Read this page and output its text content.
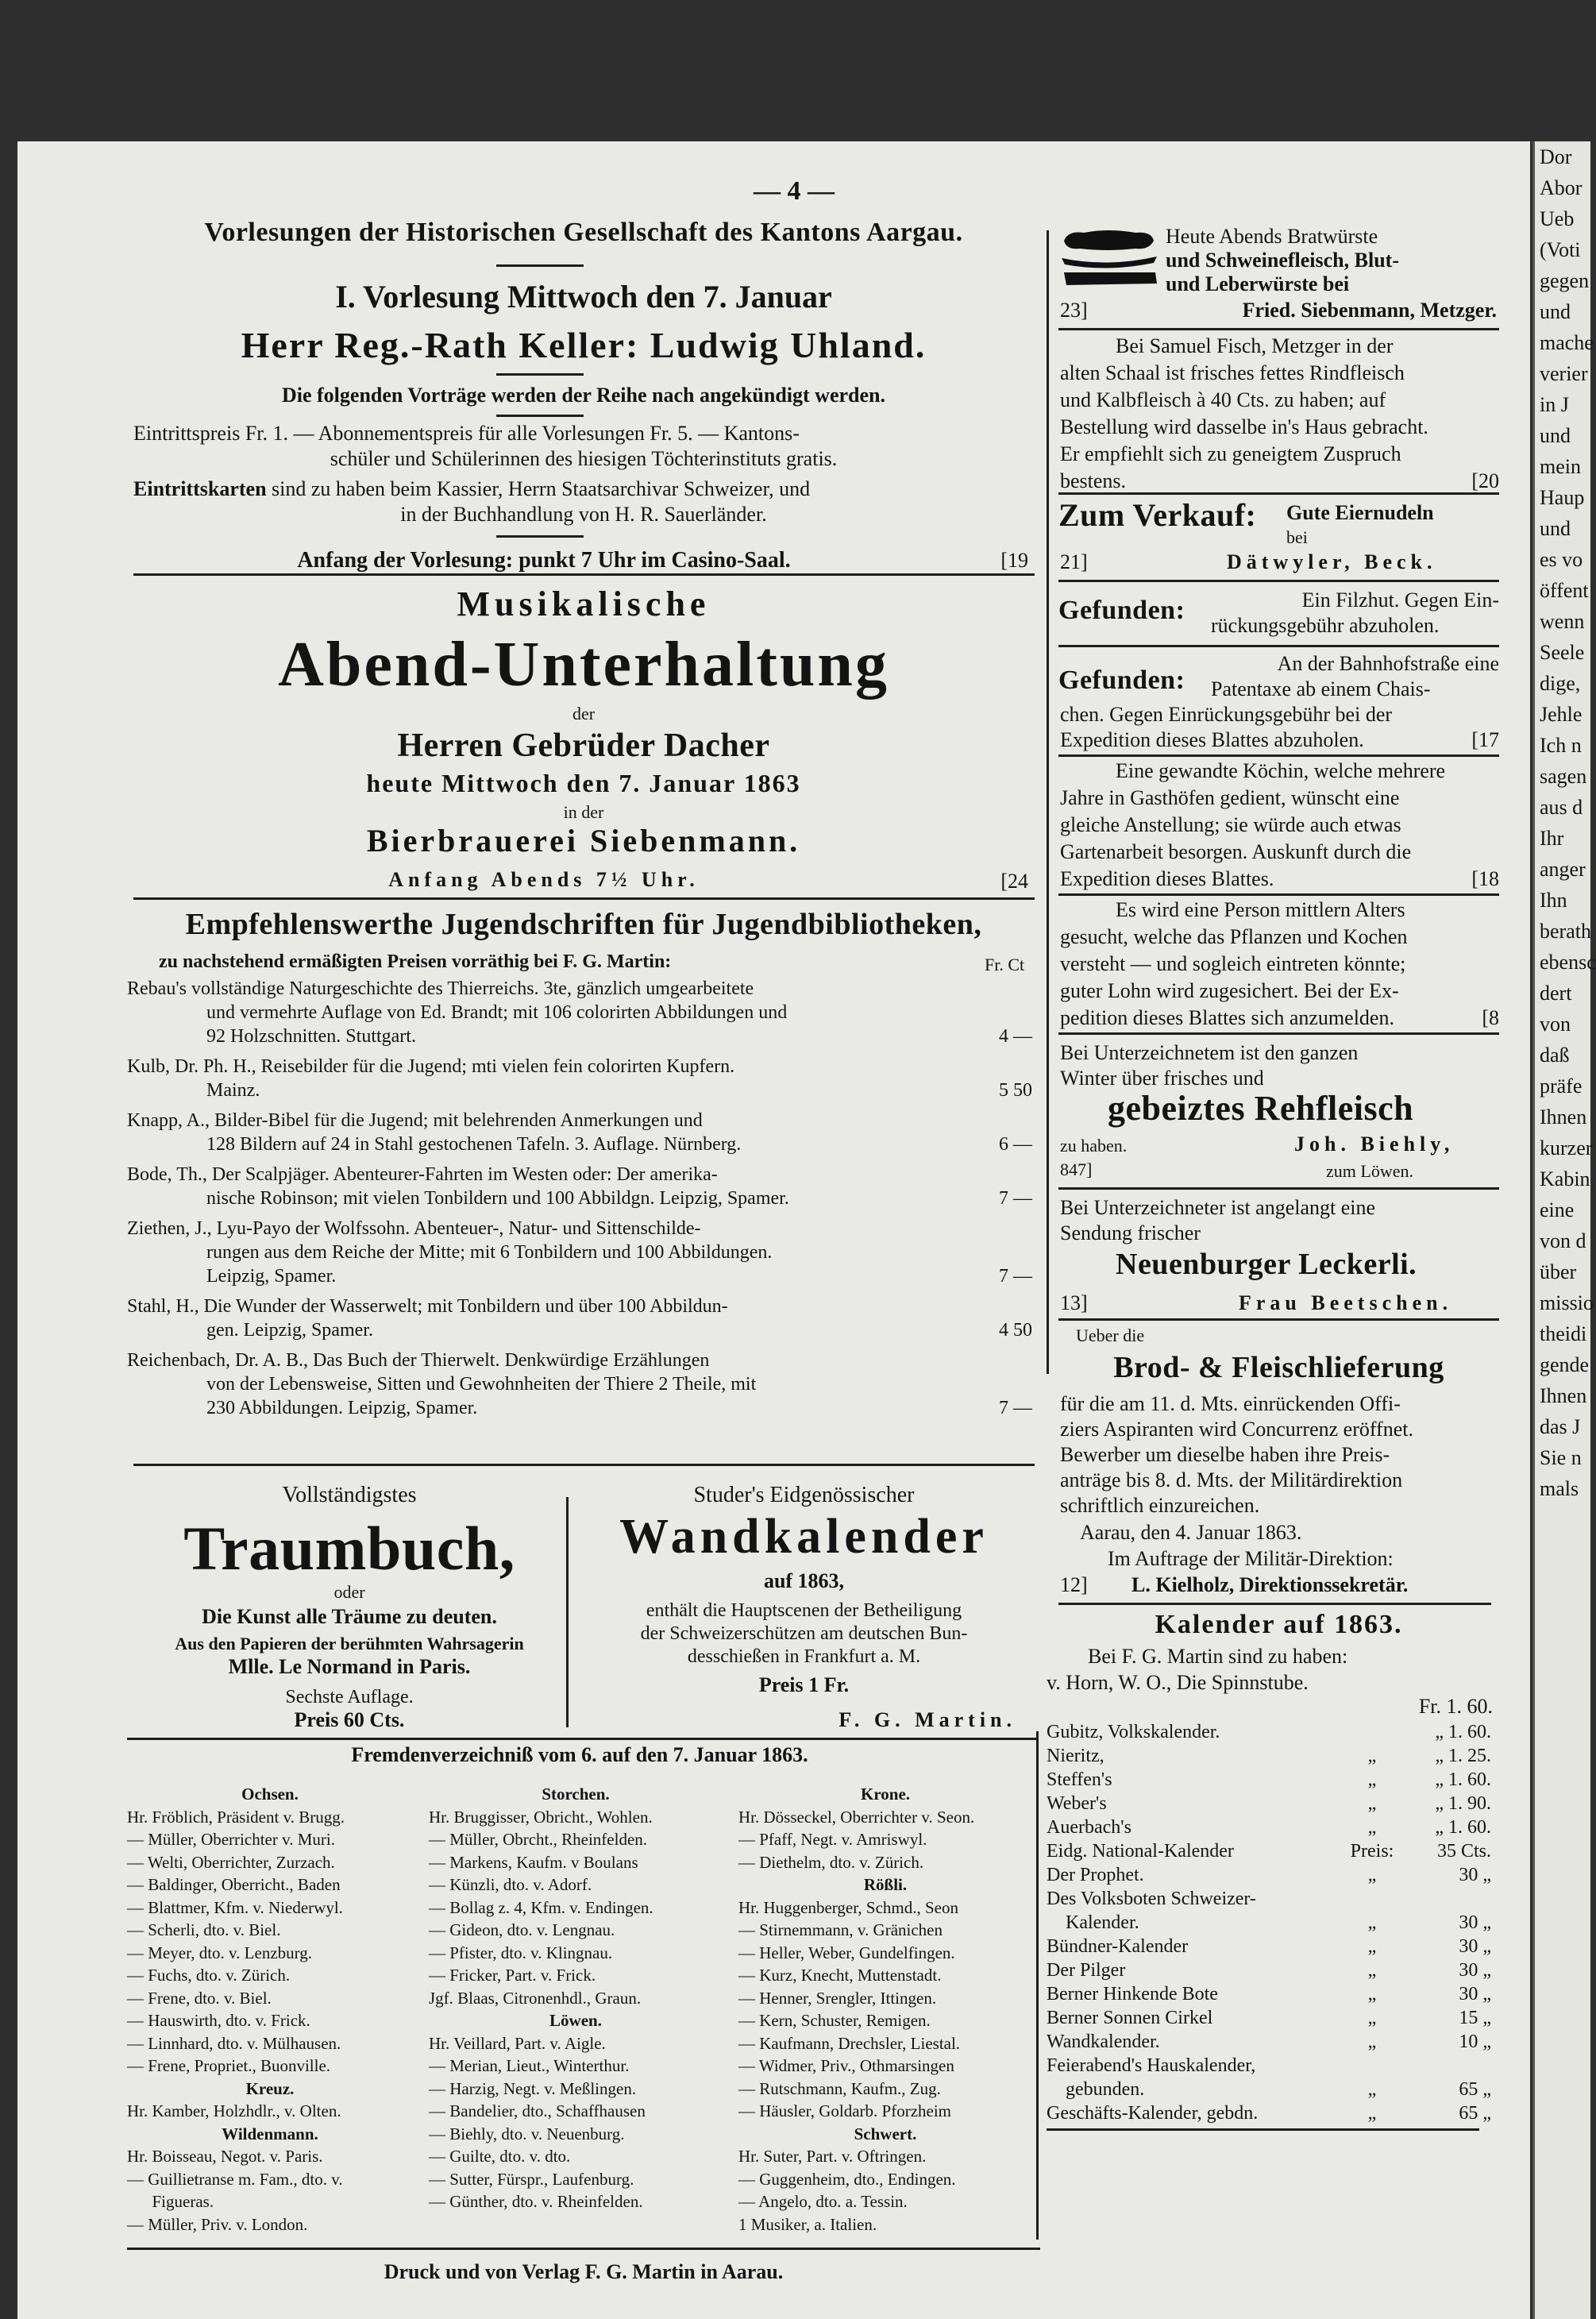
Dor
Abor
Ueb
(Voti
gegen
und
mache
verier
in J
und
mein
Haup
und
es vo
öffent
wenn
Seele
dige,
Jehle
Ich n
sagen
aus d
Ihr
anger
Ihn
berath
ebensc
dert
von
daß
präfe
Ihnen
kurzer
Kabin
eine
von d
über
missio
theidi
gende
Ihnen
das J
Sie n
mals
— 4 —
Vorlesungen der Historischen Gesellschaft des Kantons Aargau.
I. Vorlesung Mittwoch den 7. Januar
Herr Reg.-Rath Keller: Ludwig Uhland.
Die folgenden Vorträge werden der Reihe nach angekündigt werden.
Eintrittspreis Fr. 1. — Abonnementspreis für alle Vorlesungen Fr. 5. — Kantons-
schüler und Schülerinnen des hiesigen Töchterinstituts gratis.
Eintrittskarten sind zu haben beim Kassier, Herrn Staatsarchivar Schweizer, und
in der Buchhandlung von H. R. Sauerländer.
Anfang der Vorlesung: punkt 7 Uhr im Casino-Saal.	[19
Musikalische
Abend-Unterhaltung
der
Herren Gebrüder Dacher
heute Mittwoch den 7. Januar 1863
in der
Bierbrauerei Siebenmann.
Anfang Abends 7½ Uhr.	[24
Empfehlenswerthe Jugendschriften für Jugendbibliotheken,
zu nachstehend ermäßigten Preisen vorräthig bei F. G. Martin:	Fr. Ct
Rebau's vollständige Naturgeschichte des Thierreichs. 3te, gänzlich umgearbeitete
und vermehrte Auflage von Ed. Brandt; mit 106 colorirten Abbildungen und
92 Holzschnitten. Stuttgart.	4 —
Kulb, Dr. Ph. H., Reisebilder für die Jugend; mti vielen fein colorirten Kupfern.
Mainz.	5 50
Knapp, A., Bilder-Bibel für die Jugend; mit belehrenden Anmerkungen und
128 Bildern auf 24 in Stahl gestochenen Tafeln. 3. Auflage. Nürnberg.	6 —
Bode, Th., Der Scalpjäger. Abenteurer-Fahrten im Westen oder: Der amerika-
nische Robinson; mit vielen Tonbildern und 100 Abbildgn. Leipzig, Spamer.	7 —
Ziethen, J., Lyu-Payo der Wolfssohn. Abenteuer-, Natur- und Sittenschilde-
rungen aus dem Reiche der Mitte; mit 6 Tonbildern und 100 Abbildungen.
Leipzig, Spamer.	7 —
Stahl, H., Die Wunder der Wasserwelt; mit Tonbildern und über 100 Abbildun-
gen. Leipzig, Spamer.	4 50
Reichenbach, Dr. A. B., Das Buch der Thierwelt. Denkwürdige Erzählungen
von der Lebensweise, Sitten und Gewohnheiten der Thiere 2 Theile, mit
230 Abbildungen. Leipzig, Spamer.	7 —
Vollständigstes
Traumbuch,
oder
Die Kunst alle Träume zu deuten.
Aus den Papieren der berühmten Wahrsagerin
Mlle. Le Normand in Paris.
Sechste Auflage.
Preis 60 Cts.
Studer's Eidgenössischer
Wandkalender
auf 1863,
enthält die Hauptscenen der Betheiligung
der Schweizerschützen am deutschen Bun-
desschießen in Frankfurt a. M.
Preis 1 Fr.
F. G. Martin.
Fremdenverzeichniß vom 6. auf den 7. Januar 1863.
Ochsen.
Hr. Fröblich, Präsident v. Brugg.
— Müller, Oberrichter v. Muri.
— Welti, Oberrichter, Zurzach.
— Baldinger, Oberricht., Baden
— Blattmer, Kfm. v. Niederwyl.
— Scherli, dto. v. Biel.
— Meyer, dto. v. Lenzburg.
— Fuchs, dto. v. Zürich.
— Frene, dto. v. Biel.
— Hauswirth, dto. v. Frick.
— Linnhard, dto. v. Mülhausen.
— Frene, Propriet., Buonville.
Kreuz.
Hr. Kamber, Holzhdlr., v. Olten.
Wildenmann.
Hr. Boisseau, Negot. v. Paris.
— Guillietranse m. Fam., dto. v.
Figueras.
— Müller, Priv. v. London.
Storchen.
Hr. Bruggisser, Obricht., Wohlen.
— Müller, Obrcht., Rheinfelden.
— Markens, Kaufm. v Boulans
— Künzli, dto. v. Adorf.
— Bollag z. 4, Kfm. v. Endingen.
— Gideon, dto. v. Lengnau.
— Pfister, dto. v. Klingnau.
— Fricker, Part. v. Frick.
Jgf. Blaas, Citronenhdl., Graun.
Löwen.
Hr. Veillard, Part. v. Aigle.
— Merian, Lieut., Winterthur.
— Harzig, Negt. v. Meßlingen.
— Bandelier, dto., Schaffhausen
— Biehly, dto. v. Neuenburg.
— Guilte, dto. v. dto.
— Sutter, Fürspr., Laufenburg.
— Günther, dto. v. Rheinfelden.
Krone.
Hr. Dösseckel, Oberrichter v. Seon.
— Pfaff, Negt. v. Amriswyl.
— Diethelm, dto. v. Zürich.
Rößli.
Hr. Huggenberger, Schmd., Seon
— Stirnemmann, v. Gränichen
— Heller, Weber, Gundelfingen.
— Kurz, Knecht, Muttenstadt.
— Henner, Srengler, Ittingen.
— Kern, Schuster, Remigen.
— Kaufmann, Drechsler, Liestal.
— Widmer, Priv., Othmarsingen
— Rutschmann, Kaufm., Zug.
— Häusler, Goldarb. Pforzheim
Schwert.
Hr. Suter, Part. v. Oftringen.
— Guggenheim, dto., Endingen.
— Angelo, dto. a. Tessin.
1 Musiker, a. Italien.
Druck und von Verlag F. G. Martin in Aarau.
Heute Abends Bratwürste
und Schweinefleisch, Blut-
und Leberwürste bei
23]	Fried. Siebenmann, Metzger.
Bei Samuel Fisch, Metzger in der
alten Schaal ist frisches fettes Rindfleisch
und Kalbfleisch à 40 Cts. zu haben; auf
Bestellung wird dasselbe in's Haus gebracht.
Er empfiehlt sich zu geneigtem Zuspruch
bestens.	[20
Zum Verkauf: Gute Eiernudeln
bei
21]	Dätwyler, Beck.
Gefunden:	Ein Filzhut. Gegen Ein-
rückungsgebühr abzuholen.
Gefunden:
An der Bahnhofstraße eine
Patentaxe ab einem Chais-
chen. Gegen Einrückungsgebühr bei der
Expedition dieses Blattes abzuholen.	[17
Eine gewandte Köchin, welche mehrere
Jahre in Gasthöfen gedient, wünscht eine
gleiche Anstellung; sie würde auch etwas
Gartenarbeit besorgen. Auskunft durch die
Expedition dieses Blattes.	[18
Es wird eine Person mittlern Alters
gesucht, welche das Pflanzen und Kochen
versteht — und sogleich eintreten könnte;
guter Lohn wird zugesichert. Bei der Ex-
pedition dieses Blattes sich anzumelden.	[8
Bei Unterzeichnetem ist den ganzen
Winter über frisches und
gebeiztes Rehfleisch
zu haben.	Joh. Biehly,
847]	zum Löwen.
Bei Unterzeichneter ist angelangt eine
Sendung frischer
Neuenburger Leckerli.
13]	Frau Beetschen.
Ueber die
Brod- & Fleischlieferung
für die am 11. d. Mts. einrückenden Offi-
ziers Aspiranten wird Concurrenz eröffnet.
Bewerber um dieselbe haben ihre Preis-
anträge bis 8. d. Mts. der Militärdirektion
schriftlich einzureichen.
Aarau, den 4. Januar 1863.
Im Auftrage der Militär-Direktion:
12] L. Kielholz, Direktionssekretär.
Kalender auf 1863.
Bei F. G. Martin sind zu haben:
v. Horn, W. O., Die Spinnstube.
Fr. 1. 60.
Gubitz, Volkskalender.	„ 1. 60.
Nieritz,	„	„ 1. 25.
Steffen's	„	„ 1. 60.
Weber's	„	„ 1. 90.
Auerbach's	„	„ 1. 60.
Eidg. National-Kalender	Preis:	35 Cts.
Der Prophet.	„	30 „
Des Volksboten Schweizer-
Kalender.	„	30 „
Bündner-Kalender	„	30 „
Der Pilger	„	30 „
Berner Hinkende Bote	„	30 „
Berner Sonnen Cirkel	„	15 „
Wandkalender.	„	10 „
Feierabend's Hauskalender,
gebunden.	„	65 „
Geschäfts-Kalender, gebdn.	„	65 „
